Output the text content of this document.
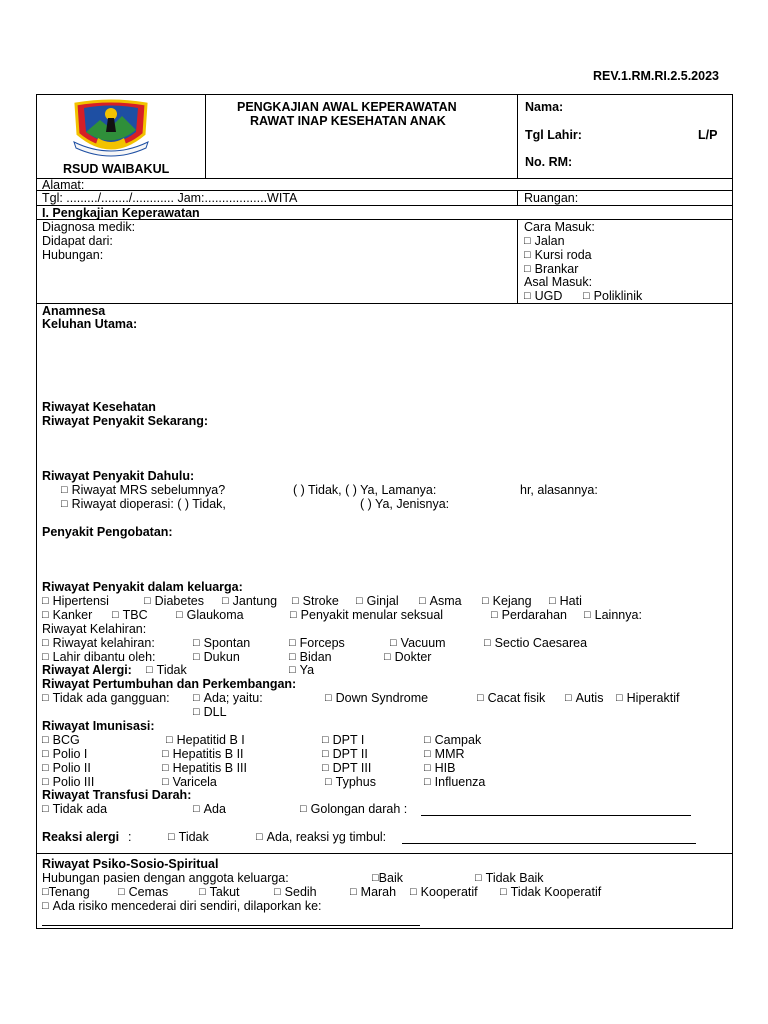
REV.1.RM.RI.2.5.2023
RSUD WAIBAKUL
PENGKAJIAN AWAL KEPERAWATAN
RAWAT INAP KESEHATAN ANAK
Nama:
Tgl Lahir:	L/P
No. RM:
Alamat:
Tgl: ........./......../............ Jam:..................WITA	Ruangan:
I. Pengkajian Keperawatan
Diagnosa medik:
Didapat dari:
Hubungan:
Cara Masuk:
□ Jalan
□ Kursi roda
□ Brankar
Asal Masuk:
□ UGD	□ Poliklinik
Anamnesa
Keluhan Utama:
Riwayat Kesehatan
Riwayat Penyakit Sekarang:
Riwayat Penyakit Dahulu:
□ Riwayat MRS sebelumnya?	( ) Tidak, ( ) Ya, Lamanya:	hr, alasannya:
□ Riwayat dioperasi: ( ) Tidak,	( ) Ya, Jenisnya:
Penyakit Pengobatan:
Riwayat Penyakit dalam keluarga:
□ Hipertensi	□ Diabetes	□ Jantung	□ Stroke	□ Ginjal	□ Asma	□ Kejang	□ Hati
□ Kanker	□ TBC	□ Glaukoma	□ Penyakit menular seksual	□ Perdarahan	□ Lainnya:
Riwayat Kelahiran:
□ Riwayat kelahiran:	□ Spontan	□ Forceps	□ Vacuum	□ Sectio Caesarea
□ Lahir dibantu oleh:	□ Dukun	□ Bidan	□ Dokter
Riwayat Alergi:	□ Tidak	□ Ya
Riwayat Pertumbuhan dan Perkembangan:
□ Tidak ada gangguan:	□ Ada; yaitu:	□ Down Syndrome	□ Cacat fisik	□ Autis	□ Hiperaktif
□ DLL
Riwayat Imunisasi:
□ BCG	□ Hepatitid B I	□ DPT I	□ Campak
□ Polio I	□ Hepatitis B II	□ DPT II	□ MMR
□ Polio II	□ Hepatitis B III	□ DPT III	□ HIB
□ Polio III	□ Varicela	□ Typhus	□ Influenza
Riwayat Transfusi Darah:
□ Tidak ada	□ Ada	□ Golongan darah :
Reaksi alergi :	□ Tidak	□ Ada, reaksi yg timbul:
Riwayat Psiko-Sosio-Spiritual
Hubungan pasien dengan anggota keluarga:	□ Baik	□ Tidak Baik
□ Tenang	□ Cemas	□ Takut	□ Sedih	□ Marah	□ Kooperatif	□ Tidak Kooperatif
□ Ada risiko mencederai diri sendiri, dilaporkan ke:
